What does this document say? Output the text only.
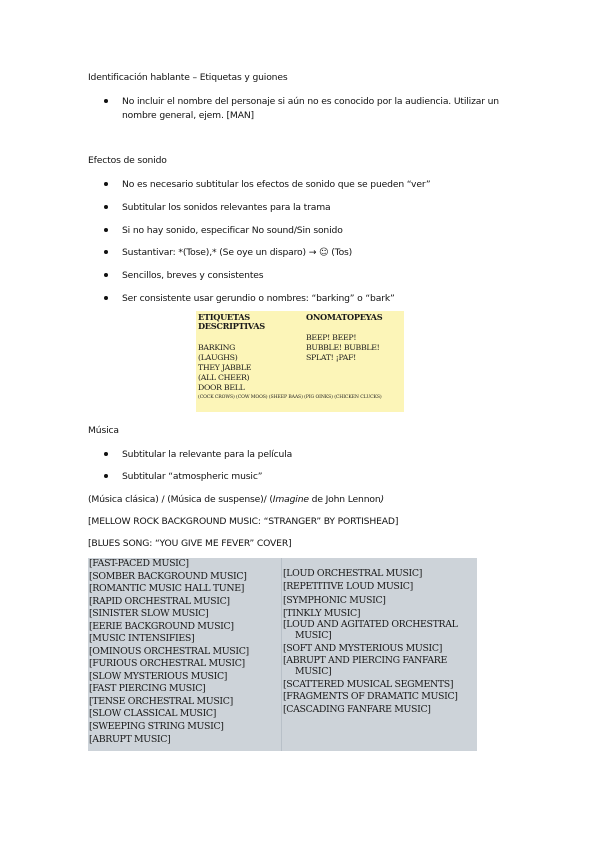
Identificación hablante – Etiquetas y guiones
No incluir el nombre del personaje si aún no es conocido por la audiencia. Utilizar un
nombre general, ejem. [MAN]
Efectos de sonido
No es necesario subtitular los efectos de sonido que se pueden “ver”
Subtitular los sonidos relevantes para la trama
Si no hay sonido, especificar No sound/Sin sonido
Sustantivar: *(Tose),* (Se oye un disparo) → ☺ (Tos)
Sencillos, breves y consistentes
Ser consistente usar gerundio o nombres: “barking” o “bark”
ETIQUETAS
DESCRIPTIVAS
ONOMATOPEYAS
BARKING
(LAUGHS)
THEY JABBLE
(ALL CHEER)
DOOR BELL
BEEP! BEEP!
BUBBLE! BUBBLE!
SPLAT! ¡PAF!
(COCK CROWS) (COW MOOS) (SHEEP BAAS) (PIG OINKS) (CHICKEN CLUCKS)
Música
Subtitular la relevante para la película
Subtitular “atmospheric music”
(Música clásica) / (Música de suspense)/ (Imagine de John Lennon)
[MELLOW ROCK BACKGROUND MUSIC: “STRANGER” BY PORTISHEAD]
[BLUES SONG: “YOU GIVE ME FEVER” COVER]
[FAST-PACED MUSIC]
[SOMBER BACKGROUND MUSIC]
[ROMANTIC MUSIC HALL TUNE]
[RAPID ORCHESTRAL MUSIC]
[SINISTER SLOW MUSIC]
[EERIE BACKGROUND MUSIC]
[MUSIC INTENSIFIES]
[OMINOUS ORCHESTRAL MUSIC]
[FURIOUS ORCHESTRAL MUSIC]
[SLOW MYSTERIOUS MUSIC]
[FAST PIERCING MUSIC]
[TENSE ORCHESTRAL MUSIC]
[SLOW CLASSICAL MUSIC]
[SWEEPING STRING MUSIC]
[ABRUPT MUSIC]
[LOUD ORCHESTRAL MUSIC]
[REPETITIVE LOUD MUSIC]
[SYMPHONIC MUSIC]
[TINKLY MUSIC]
[LOUD AND AGITATED ORCHESTRAL
MUSIC]
[SOFT AND MYSTERIOUS MUSIC]
[ABRUPT AND PIERCING FANFARE
MUSIC]
[SCATTERED MUSICAL SEGMENTS]
[FRAGMENTS OF DRAMATIC MUSIC]
[CASCADING FANFARE MUSIC]
